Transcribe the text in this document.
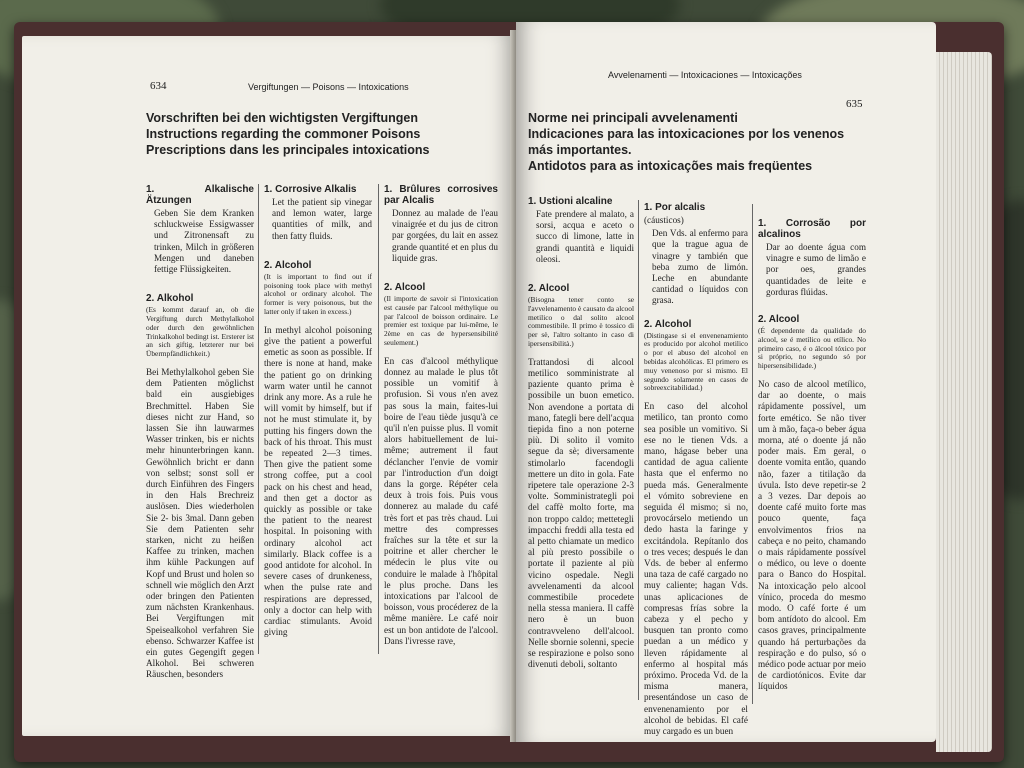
634	Vergiftungen — Poisons — Intoxications
Vorschriften bei den wichtigsten Vergiftungen
Instructions regarding the commoner Poisons
Prescriptions dans les principales intoxications
1. Alkalische Ätzungen

Geben Sie dem Kranken schluckweise Essigwasser und Zitronensaft zu trinken, Milch in größeren Mengen und daneben fettige Flüssigkeiten.

2. Alkohol

(Es kommt darauf an, ob die Vergiftung durch Methylalkohol oder durch den gewöhnlichen Trinkalkohol bedingt ist. Ersterer ist an sich giftig, letzterer nur bei Übermpfändlichkeit.)

Bei Methylalkohol geben Sie dem Patienten möglichst bald ein ausgiebiges Brechmittel. Haben Sie dieses nicht zur Hand, so lassen Sie ihn lauwarmes Wasser trinken, bis er nichts mehr hinunterbringen kann. Gewöhnlich bricht er dann von selbst; sonst soll er durch Einführen des Fingers in den Hals Brechreiz auslösen. Dies wiederholen Sie 2- bis 3mal. Dann geben Sie dem Patienten sehr starken, nicht zu heißen Kaffee zu trinken, machen ihm kühle Packungen auf Kopf und Brust und holen so schnell wie möglich den Arzt oder bringen den Patienten zum nächsten Krankenhaus. Bei Vergiftungen mit Speisealkohol verfahren Sie ebenso. Schwarzer Kaffee ist ein gutes Gegengift gegen Alkohol. Bei schweren Räuschen, besonders

1. Corrosive Alkalis

Let the patient sip vinegar and lemon water, large quantities of milk, and then fatty fluids.

2. Alcohol

(It is important to find out if poisoning took place with methyl alcohol or ordinary alcohol. The former is very poisonous, but the latter only if taken in excess.)

In methyl alcohol poisoning give the patient a powerful emetic as soon as possible. If there is none at hand, make the patient go on drinking warm water until he cannot drink any more. As a rule he will vomit by himself, but if not he must stimulate it, by putting his fingers down the back of his throat. This must be repeated 2—3 times. Then give the patient some strong coffee, put a cool pack on his chest and head, and then get a doctor as quickly as possible or take the patient to the nearest hospital. In poisoning with ordinary alcohol act similarly. Black coffee is a good antidote for alcohol. In severe cases of drunkeness, when the pulse rate and respirations are depressed, only a doctor can help with cardiac stimulants. Avoid giving

1. Brûlures corrosives par Alcalis

Donnez au malade de l'eau vinaigrée et du jus de citron par gorgées, du lait en assez grande quantité et en plus du liquide gras.

2. Alcool

(Il importe de savoir si l'intoxication est causée par l'alcool méthylique ou par l'alcool de boisson ordinaire. Le premier est toxique par lui-même, le 2ème en cas de hypersensibilité seulement.)

En cas d'alcool méthylique donnez au malade le plus tôt possible un vomitif à profusion. Si vous n'en avez pas sous la main, faites-lui boire de l'eau tiède jusqu'à ce qu'il n'en puisse plus. Il vomit alors habituellement de lui-même; autrement il faut déclancher l'envie de vomir par l'introduction d'un doigt dans la gorge. Répéter cela deux à trois fois. Puis vous donnerez au malade du café très fort et pas très chaud. Lui mettre des compresses fraîches sur la tête et sur la poitrine et aller chercher le médecin le plus vite ou conduire le malade à l'hôpital le plus proche. Dans les intoxications par l'alcool de boisson, vous procéderez de la même manière. Le café noir est un bon antidote de l'alcool. Dans l'ivresse rave,

Avvelenamenti — Intoxicaciones — Intoxicações
635
Norme nei principali avvelenamenti
Indicaciones para las intoxicaciones por los venenos más importantes.
Antidotos para as intoxicações mais freqüentes
1. Ustioni alcaline

Fate prendere al malato, a sorsi, acqua e aceto o succo di limone, latte in grandi quantità e liquidi oleosi.

2. Alcool

(Bisogna tener conto se l'avvelenamento è causato da alcool metilico o dal solito alcool commestibile. Il primo è tossico di per sè, l'altro soltanto in caso di ipersensibilità.)

Trattandosi di alcool metilico somministrate al paziente quanto prima è possibile un buon emetico. Non avendone a portata di mano, fategli bere dell'acqua tiepida fino a non poterne più. Di solito il vomito segue da sè; diversamente stimolarlo facendogli mettere un dito in gola. Fate ripetere tale operazione 2-3 volte. Somministrategli poi del caffè molto forte, ma non troppo caldo; mettetegli impacchi freddi alla testa ed al petto chiamate un medico al più presto possibile o portate il paziente al più vicino ospedale. Negli avvelenamenti da alcool commestibile procedete nella stessa maniera. Il caffè nero è un buon contravveleno dell'alcool. Nelle sbornie solenni, specie se respirazione e polso sono divenuti deboli, soltanto

1. Por alcalis
(cáusticos)

Den Vds. al enfermo para que la trague agua de vinagre y también que beba zumo de limón. Leche en abundante cantidad o líquidos con grasa.

2. Alcohol

(Distingase si el envenenamiento es producido por alcohol metilico o por el abuso del alcohol en bebidas alcohólicas. El primero es muy venenoso por si mismo. El segundo solamente en casos de sobreexcitabilidad.)

En caso del alcohol metilico, tan pronto como sea posible un vomitivo. Si ese no le tienen Vds. a mano, hágase beber una cantidad de agua caliente hasta que el enfermo no pueda más. Generalmente el vómito sobreviene en seguida él mismo; si no, provocárselo metiendo un dedo hasta la faringe y excitándola. Repítanlo dos o tres veces; después le dan Vds. de beber al enfermo una taza de café cargado no muy caliente; hagan Vds. unas aplicaciones de compresas frías sobre la cabeza y el pecho y busquen tan pronto como puedan a un médico y lleven rápidamente al enfermo al hospital más próximo. Proceda Vd. de la misma manera, presentándose un caso de envenenamiento por el alcohol de bebidas. El café muy cargado es un buen

1. Corrosão por alcalinos

Dar ao doente água com vinagre e sumo de limão e por oes, grandes quantidades de leite e gorduras flúidas.

2. Alcool

(É dependente da qualidade do alcool, se é metílico ou etílico. No primeiro caso, é o álcool tóxico por si próprio, no segundo só por hipersensibilidade.)

No caso de alcool metílico, dar ao doente, o mais rápidamente possível, um forte emético. Se não tiver um à mão, faça-o beber água morna, até o doente já não poder mais. Em geral, o doente vomita então, quando não, fazer a titilação da úvula. Isto deve repetir-se 2 a 3 vezes. Dar depois ao doente café muito forte mas pouco quente, faça envolvimentos frios na cabeça e no peito, chamando o mais rápidamente possível o médico, ou leve o doente para o Banco do Hospital. Na intoxicação pelo alcool vínico, proceda do mesmo modo. O café forte é um bom antídoto do alcool. Em casos graves, principalmente quando há perturbações da respiração e do pulso, só o médico pode actuar por meio de cardiotónicos. Evite dar líquidos
